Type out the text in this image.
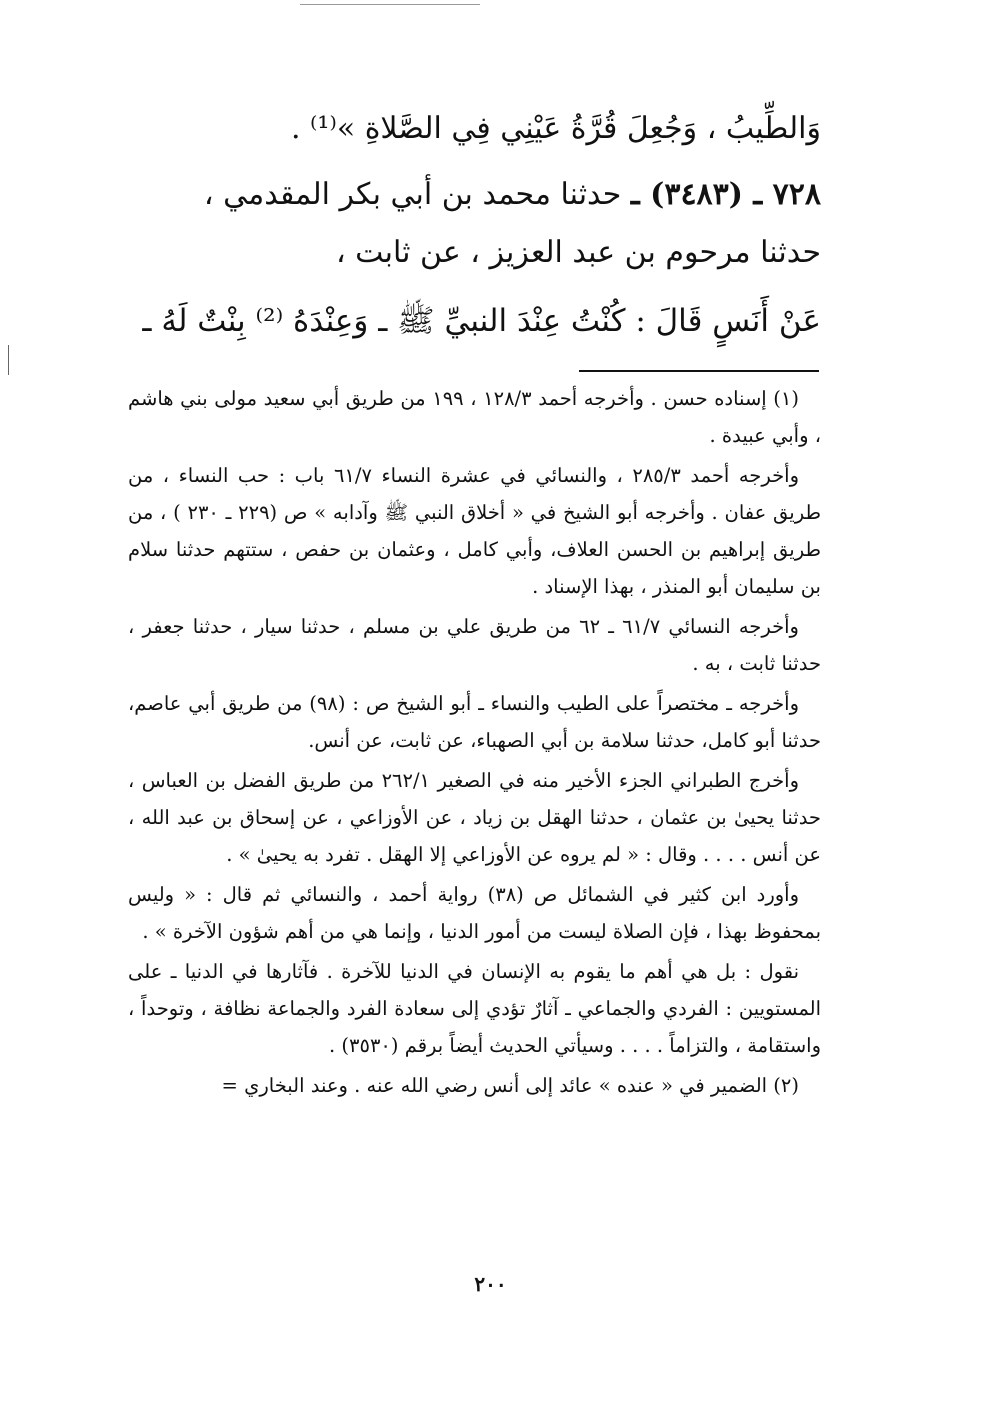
وَالطِّيبُ ، وَجُعِلَ قُرَّةُ عَيْنِي فِي الصَّلاةِ »⁽¹⁾ .
٧٢٨ ـ (٣٤٨٣) ـ حدثنا محمد بن أبي بكر المقدمي ،
حدثنا مرحوم بن عبد العزيز ، عن ثابت ،
عَنْ أَنَسٍ قَالَ : كُنْتُ عِنْدَ النبيِّ ﷺ ـ وَعِنْدَهُ ⁽²⁾ بِنْتٌ لَهُ ـ

(١) إسناده حسن . وأخرجه أحمد ١٢٨/٣ ، ١٩٩ من طريق أبي سعيد مولى بني هاشم ، وأبي عبيدة .

وأخرجه أحمد ٢٨٥/٣ ، والنسائي في عشرة النساء ٦١/٧ باب : حب النساء ، من طريق عفان . وأخرجه أبو الشيخ في « أخلاق النبي ﷺ وآدابه » ص (٢٢٩ ـ ٢٣٠ ) ، من طريق إبراهيم بن الحسن العلاف، وأبي كامل ، وعثمان بن حفص ، ستتهم حدثنا سلام بن سليمان أبو المنذر ، بهذا الإسناد .

وأخرجه النسائي ٦١/٧ ـ ٦٢ من طريق علي بن مسلم ، حدثنا سيار ، حدثنا جعفر ، حدثنا ثابت ، به .

وأخرجه ـ مختصراً على الطيب والنساء ـ أبو الشيخ ص : (٩٨) من طريق أبي عاصم، حدثنا أبو كامل، حدثنا سلامة بن أبي الصهباء، عن ثابت، عن أنس.

وأخرج الطبراني الجزء الأخير منه في الصغير ٢٦٢/١ من طريق الفضل بن العباس ، حدثنا يحيىٰ بن عثمان ، حدثنا الهقل بن زياد ، عن الأوزاعي ، عن إسحاق بن عبد الله ، عن أنس . . . . وقال : « لم يروه عن الأوزاعي إلا الهقل . تفرد به يحيىٰ » .

وأورد ابن كثير في الشمائل ص (٣٨) رواية أحمد ، والنسائي ثم قال : « وليس بمحفوظ بهذا ، فإن الصلاة ليست من أمور الدنيا ، وإنما هي من أهم شؤون الآخرة » .

نقول : بل هي أهم ما يقوم به الإنسان في الدنيا للآخرة . فآثارها في الدنيا ـ على المستويين : الفردي والجماعي ـ آثارٌ تؤدي إلى سعادة الفرد والجماعة نظافة ، وتوحداً ، واستقامة ، والتزاماً . . . . وسيأتي الحديث أيضاً برقم (٣٥٣٠) .

(٢) الضمير في « عنده » عائد إلى أنس رضي الله عنه . وعند البخاري =

٢٠٠
